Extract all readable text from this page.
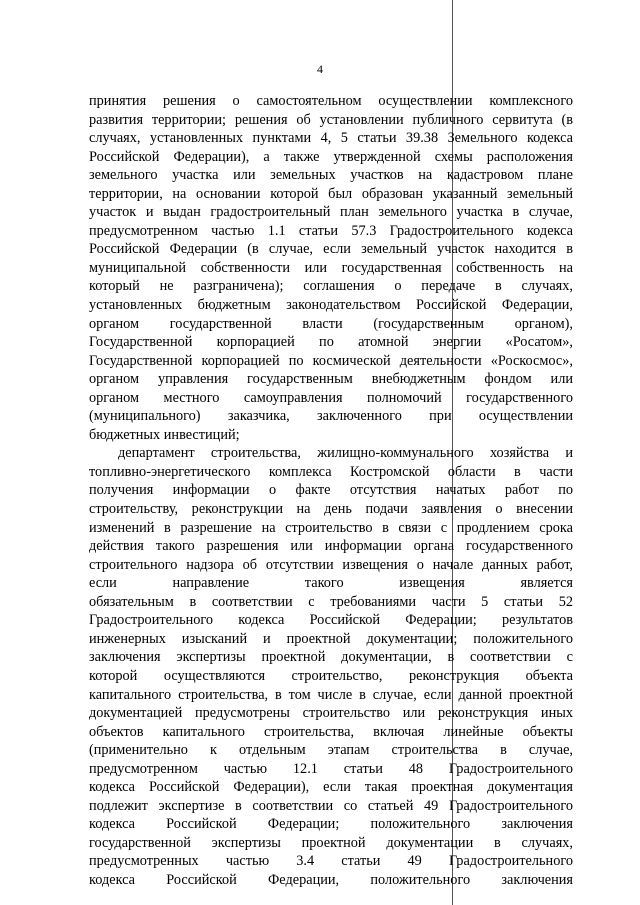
4
принятия решения о самостоятельном осуществлении комплексного
развития территории; решения об установлении публичного сервитута (в
случаях, установленных пунктами 4, 5 статьи 39.38 Земельного кодекса
Российской Федерации), а также утвержденной схемы расположения
земельного участка или земельных участков на кадастровом плане
территории, на основании которой был образован указанный земельный
участок и выдан градостроительный план земельного участка в случае,
предусмотренном частью 1.1 статьи 57.3 Градостроительного кодекса
Российской Федерации (в случае, если земельный участок находится в
муниципальной собственности или государственная собственность на
который не разграничена); соглашения о передаче в случаях,
установленных бюджетным законодательством Российской Федерации,
органом государственной власти (государственным органом),
Государственной корпорацией по атомной энергии «Росатом»,
Государственной корпорацией по космической деятельности «Роскосмос»,
органом управления государственным внебюджетным фондом или
органом местного самоуправления полномочий государственного
(муниципального) заказчика, заключенного при осуществлении
бюджетных инвестиций;
департамент строительства, жилищно-коммунального хозяйства и
топливно-энергетического комплекса Костромской области в части
получения информации о факте отсутствия начатых работ по
строительству, реконструкции на день подачи заявления о внесении
изменений в разрешение на строительство в связи с продлением срока
действия такого разрешения или информации органа государственного
строительного надзора об отсутствии извещения о начале данных работ,
если направление такого извещения является
обязательным в соответствии с требованиями части 5 статьи 52
Градостроительного кодекса Российской Федерации; результатов
инженерных изысканий и проектной документации; положительного
заключения экспертизы проектной документации, в соответствии с
которой осуществляются строительство, реконструкция объекта
капитального строительства, в том числе в случае, если данной проектной
документацией предусмотрены строительство или реконструкция иных
объектов капитального строительства, включая линейные объекты
(применительно к отдельным этапам строительства в случае,
предусмотренном частью 12.1 статьи 48 Градостроительного
кодекса Российской Федерации), если такая проектная документация
подлежит экспертизе в соответствии со статьей 49 Градостроительного
кодекса Российской Федерации; положительного заключения
государственной экспертизы проектной документации в случаях,
предусмотренных частью 3.4 статьи 49 Градостроительного
кодекса Российской Федерации, положительного заключения
